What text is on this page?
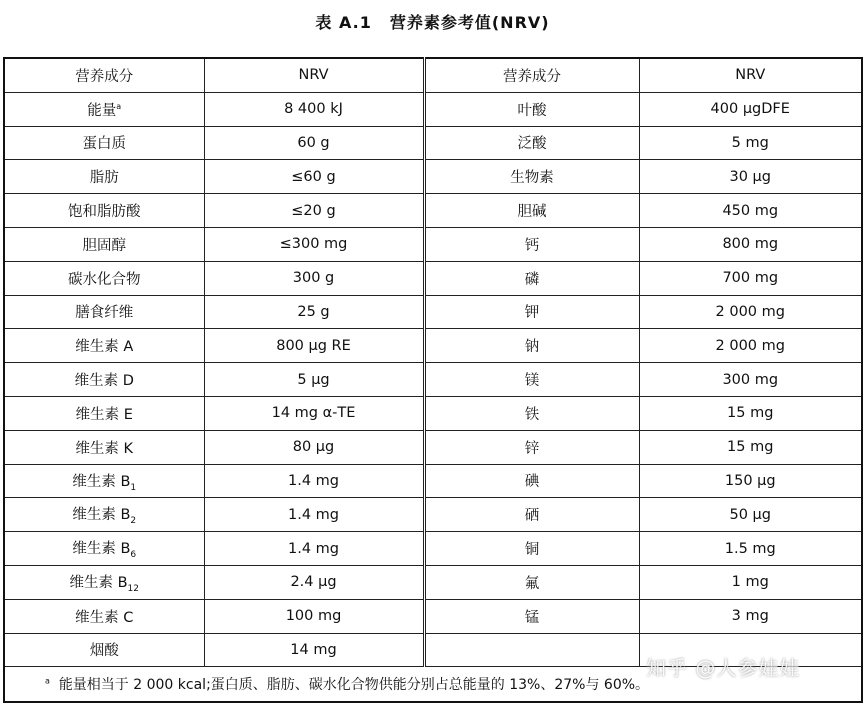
表 A.1 营养素参考值(NRV)
营养成分	NRV	营养成分	NRV
能量$^a$	8 400 kJ	叶酸	400 μgDFE
蛋白质	60 g	泛酸	5 mg
脂肪	≤60 g	生物素	30 μg
饱和脂肪酸	≤20 g	胆碱	450 mg
胆固醇	≤300 mg	钙	800 mg
碳水化合物	300 g	磷	700 mg
膳食纤维	25 g	钾	2 000 mg
维生素 A	800 μg RE	钠	2 000 mg
维生素 D	5 μg	镁	300 mg
维生素 E	14 mg α-TE	铁	15 mg
维生素 K	80 μg	锌	15 mg
维生素 $B_1$	1.4 mg	碘	150 μg
维生素 $B_2$	1.4 mg	硒	50 μg
维生素 $B_6$	1.4 mg	铜	1.5 mg
维生素 $B_{12}$	2.4 μg	氟	1 mg
维生素 C	100 mg	锰	3 mg
烟酸	14 mg		
$^a$ 能量相当于 2 000 kcal;蛋白质、脂肪、碳水化合物供能分别占总能量的 13%、27%与 60%。			
知乎 @人参娃娃
